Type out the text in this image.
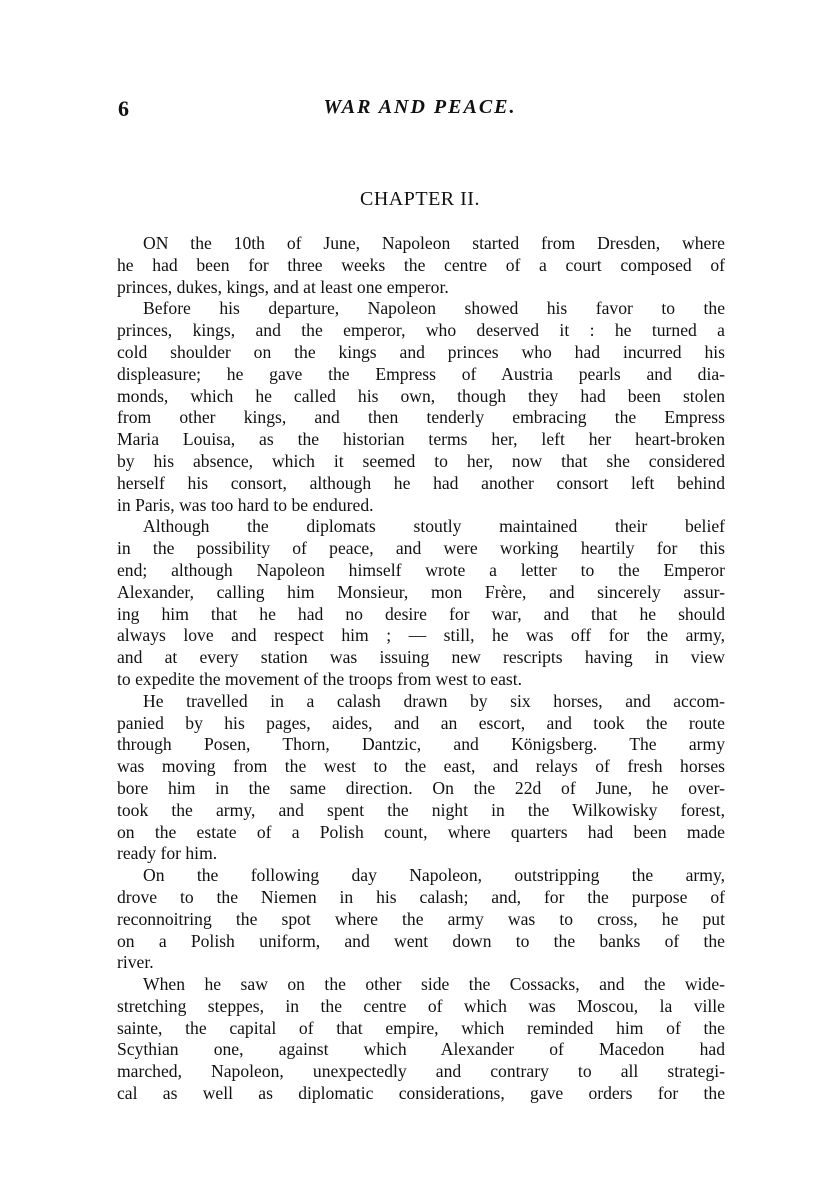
6	WAR AND PEACE.
CHAPTER II.
ON the 10th of June, Napoleon started from Dresden, where
he had been for three weeks the centre of a court composed of
princes, dukes, kings, and at least one emperor.
Before his departure, Napoleon showed his favor to the
princes, kings, and the emperor, who deserved it : he turned a
cold shoulder on the kings and princes who had incurred his
displeasure; he gave the Empress of Austria pearls and dia-
monds, which he called his own, though they had been stolen
from other kings, and then tenderly embracing the Empress
Maria Louisa, as the historian terms her, left her heart-broken
by his absence, which it seemed to her, now that she considered
herself his consort, although he had another consort left behind
in Paris, was too hard to be endured.
Although the diplomats stoutly maintained their belief
in the possibility of peace, and were working heartily for this
end; although Napoleon himself wrote a letter to the Emperor
Alexander, calling him Monsieur, mon Frère, and sincerely assur-
ing him that he had no desire for war, and that he should
always love and respect him ; — still, he was off for the army,
and at every station was issuing new rescripts having in view
to expedite the movement of the troops from west to east.
He travelled in a calash drawn by six horses, and accom-
panied by his pages, aides, and an escort, and took the route
through Posen, Thorn, Dantzic, and Königsberg. The army
was moving from the west to the east, and relays of fresh horses
bore him in the same direction. On the 22d of June, he over-
took the army, and spent the night in the Wilkowisky forest,
on the estate of a Polish count, where quarters had been made
ready for him.
On the following day Napoleon, outstripping the army,
drove to the Niemen in his calash; and, for the purpose of
reconnoitring the spot where the army was to cross, he put
on a Polish uniform, and went down to the banks of the
river.
When he saw on the other side the Cossacks, and the wide-
stretching steppes, in the centre of which was Moscou, la ville
sainte, the capital of that empire, which reminded him of the
Scythian one, against which Alexander of Macedon had
marched, Napoleon, unexpectedly and contrary to all strategi-
cal as well as diplomatic considerations, gave orders for the
